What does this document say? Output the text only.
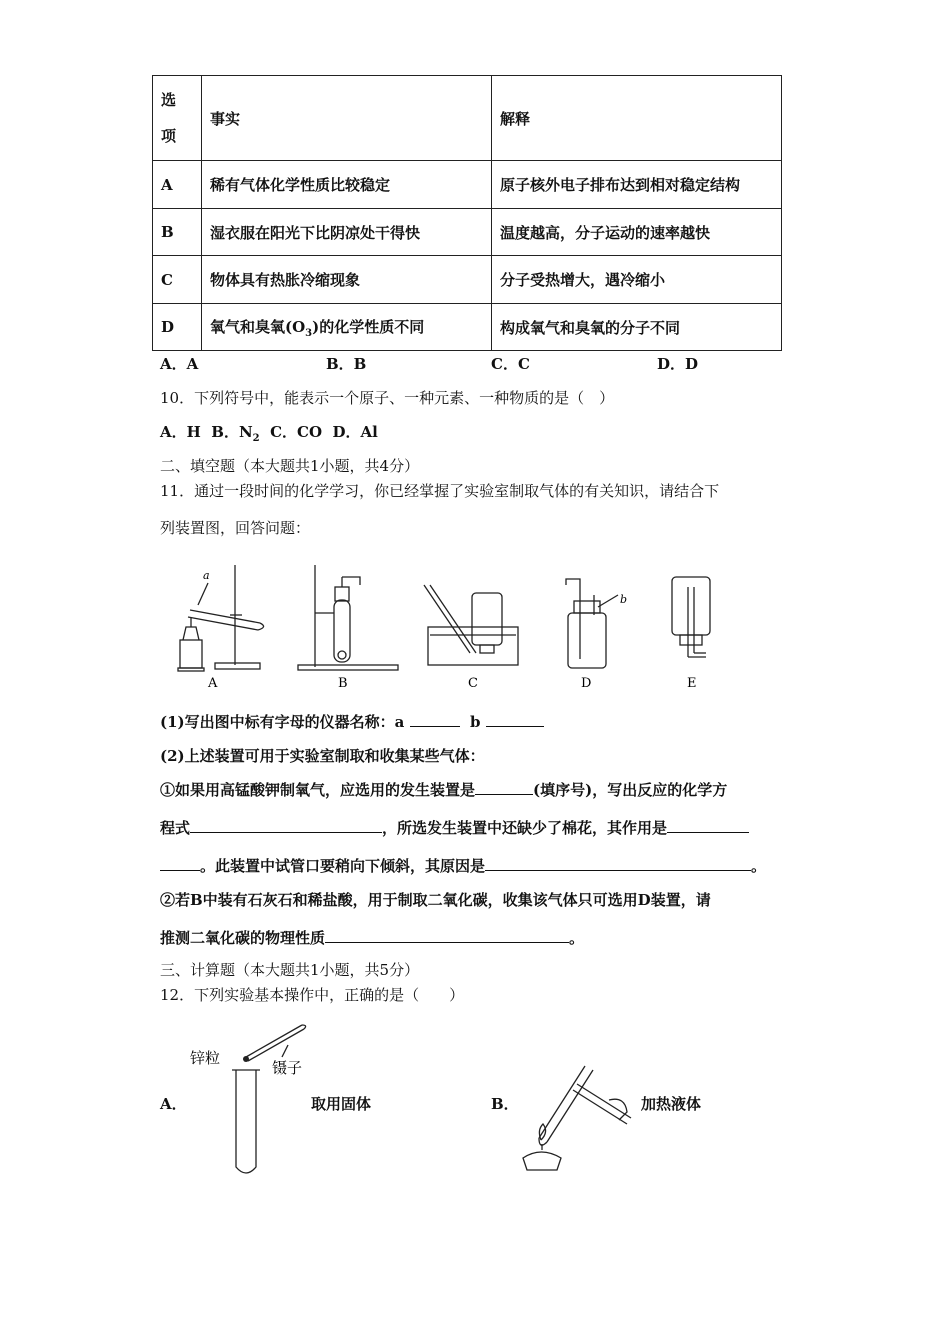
选
项	事实	解释
A	稀有气体化学性质比较稳定	原子核外电子排布达到相对稳定结构
B	湿衣服在阳光下比阴凉处干得快	温度越高，分子运动的速率越快
C	物体具有热胀冷缩现象	分子受热增大，遇冷缩小
D	氧气和臭氧$(O_3)$的化学性质不同	构成氧气和臭氧的分子不同
A．A	B．B	C．C	D．D
10．下列符号中，能表示一个原子、一种元素、一种物质的是（　）
A．H B．$N_2$ C．CO D．Al
二、填空题（本大题共1小题，共4分）
11．通过一段时间的化学学习，你已经掌握了实验室制取气体的有关知识，请结合下
列装置图，回答问题：
a
b
A	B	C	D	E
(1)写出图中标有字母的仪器名称：a	b
(2)上述装置可用于实验室制取和收集某些气体：
①如果用高锰酸钾制氧气，应选用的发生装置是	(填序号)，写出反应的化学方
程式	，所选发生装置中还缺少了棉花，其作用是
。此装置中试管口要稍向下倾斜，其原因是	。
②若B中装有石灰石和稀盐酸，用于制取二氧化碳，收集该气体只可选用D装置，请
推测二氧化碳的物理性质	。
三、计算题（本大题共1小题，共5分）
12．下列实验基本操作中，正确的是（　　）
锌粒
镊子
A．	取用固体	B．	加热液体
